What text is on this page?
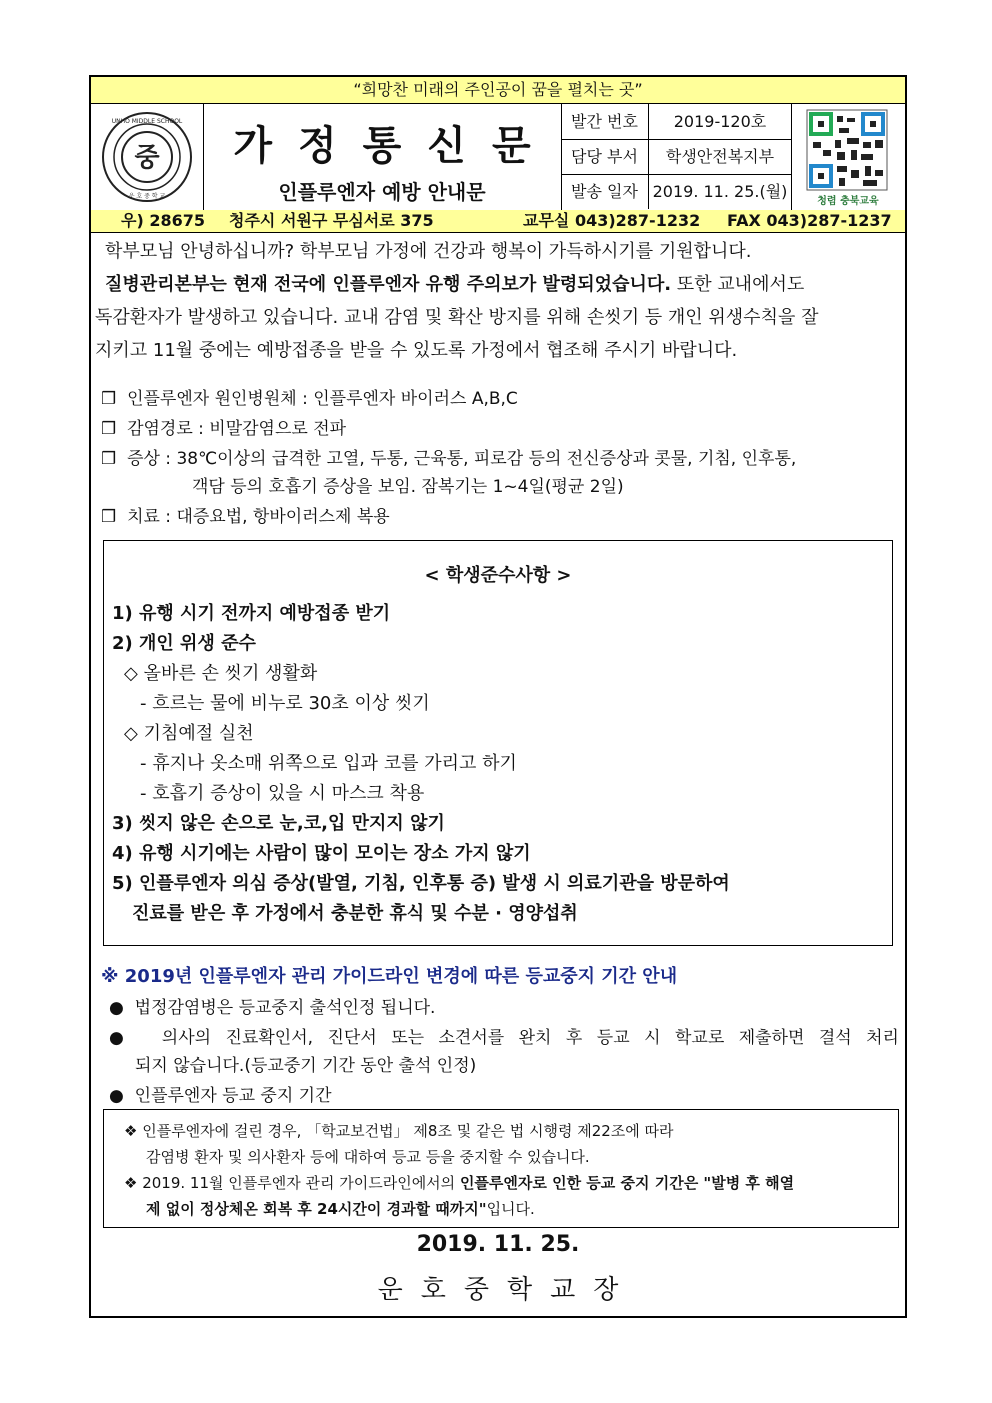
“희망찬 미래의 주인공이 꿈을 펼치는 곳”
중
UNHO MIDDLE SCHOOL
운 호 중 학 교
가정통신문
인플루엔자 예방 안내문
발간 번호	2019-120호
담당 부서	학생안전복지부
발송 일자 2019. 11. 25.(월)
청렴 충북교육
우) 28675 청주시 서원구 무심서로 375	교무실 043)287-1232 FAX 043)287-1237
학부모님 안녕하십니까? 학부모님 가정에 건강과 행복이 가득하시기를 기원합니다.
질병관리본부는 현재 전국에 인플루엔자 유행 주의보가 발령되었습니다. 또한 교내에서도
독감환자가 발생하고 있습니다. 교내 감염 및 확산 방지를 위해 손씻기 등 개인 위생수칙을 잘
지키고 11월 중에는 예방접종을 받을 수 있도록 가정에서 협조해 주시기 바랍니다.
❒ 인플루엔자 원인병원체 : 인플루엔자 바이러스 A,B,C
❒ 감염경로 : 비말감염으로 전파
❒ 증상 : 38℃이상의 급격한 고열, 두통, 근육통, 피로감 등의 전신증상과 콧물, 기침, 인후통,
객담 등의 호흡기 증상을 보임. 잠복기는 1~4일(평균 2일)
❒ 치료 : 대증요법, 항바이러스제 복용
< 학생준수사항 >
1) 유행 시기 전까지 예방접종 받기
2) 개인 위생 준수
◇ 올바른 손 씻기 생활화
- 흐르는 물에 비누로 30초 이상 씻기
◇ 기침예절 실천
- 휴지나 옷소매 위쪽으로 입과 코를 가리고 하기
- 호흡기 증상이 있을 시 마스크 착용
3) 씻지 않은 손으로 눈,코,입 만지지 않기
4) 유행 시기에는 사람이 많이 모이는 장소 가지 않기
5) 인플루엔자 의심 증상(발열, 기침, 인후통 증) 발생 시 의료기관을 방문하여
진료를 받은 후 가정에서 충분한 휴식 및 수분 · 영양섭취
※ 2019년 인플루엔자 관리 가이드라인 변경에 따른 등교중지 기간 안내
● 법정감염병은 등교중지 출석인정 됩니다.
● 의사의 진료확인서, 진단서 또는 소견서를 완치 후 등교 시 학교로 제출하면 결석 처리
되지 않습니다.(등교중기 기간 동안 출석 인정)
● 인플루엔자 등교 중지 기간
❖ 인플루엔자에 걸린 경우, 「학교보건법」 제8조 및 같은 법 시행령 제22조에 따라
감염병 환자 및 의사환자 등에 대하여 등교 등을 중지할 수 있습니다.
❖ 2019. 11월 인플루엔자 관리 가이드라인에서의 인플루엔자로 인한 등교 중지 기간은 "발병 후 해열
제 없이 정상체온 회복 후 24시간이 경과할 때까지"입니다.
2019. 11. 25.
운호중학교장
